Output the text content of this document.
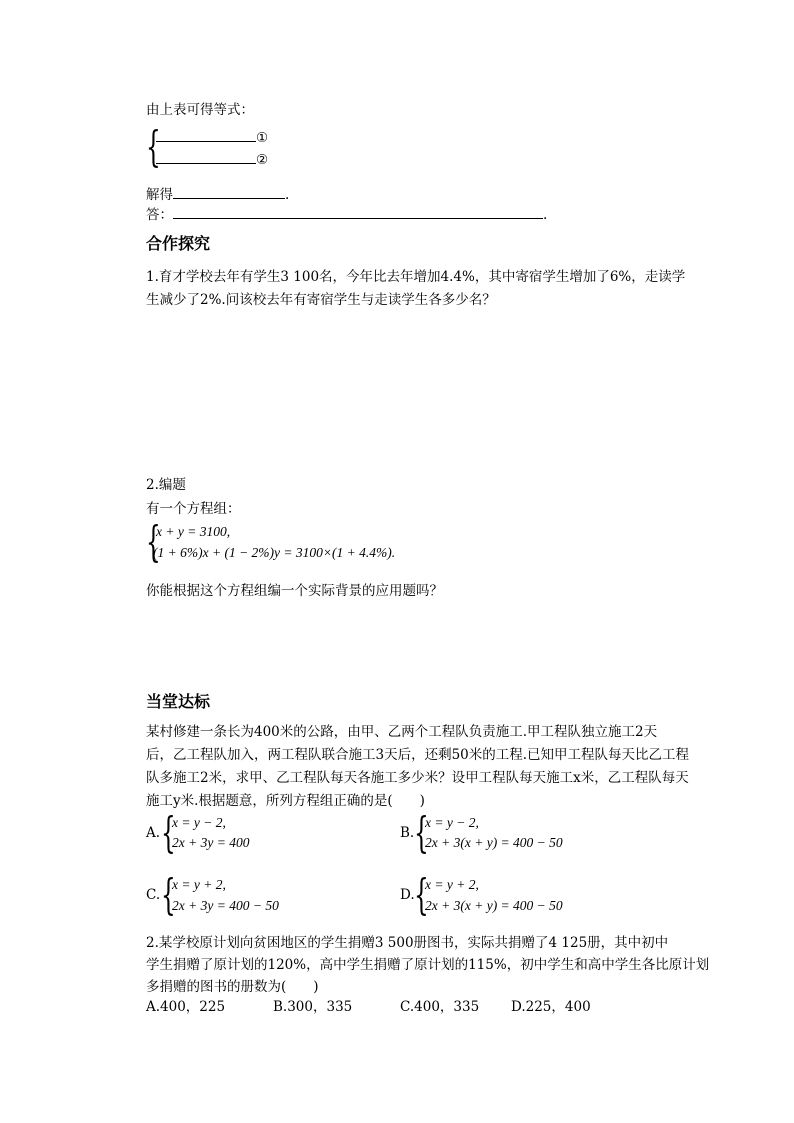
由上表可得等式：
{	①
②
解得	.
答：	.
合作探究
1.育才学校去年有学生3 100名，今年比去年增加4.4%，其中寄宿学生增加了6%，走读学
生减少了2%.问该校去年有寄宿学生与走读学生各多少名？
2.编题
有一个方程组：
{
x + y = 3100,
(1 + 6%)x + (1 − 2%)y = 3100×(1 + 4.4%).
你能根据这个方程组编一个实际背景的应用题吗？
当堂达标
某村修建一条长为400米的公路，由甲、乙两个工程队负责施工.甲工程队独立施工2天
后，乙工程队加入，两工程队联合施工3天后，还剩50米的工程.已知甲工程队每天比乙工程
队多施工2米，求甲、乙工程队每天各施工多少米？设甲工程队每天施工x米，乙工程队每天
施工y米.根据题意，所列方程组正确的是(　　)
A. {
x = y − 2,
2x + 3y = 400
B. {
x = y − 2,
2x + 3(x + y) = 400 − 50
C. {
x = y + 2,
2x + 3y = 400 − 50
D. {
x = y + 2,
2x + 3(x + y) = 400 − 50
2.某学校原计划向贫困地区的学生捐赠3 500册图书，实际共捐赠了4 125册，其中初中
学生捐赠了原计划的120%，高中学生捐赠了原计划的115%，初中学生和高中学生各比原计划
多捐赠的图书的册数为(　　)
A.400，225	B.300，335	C.400，335 D.225，400
